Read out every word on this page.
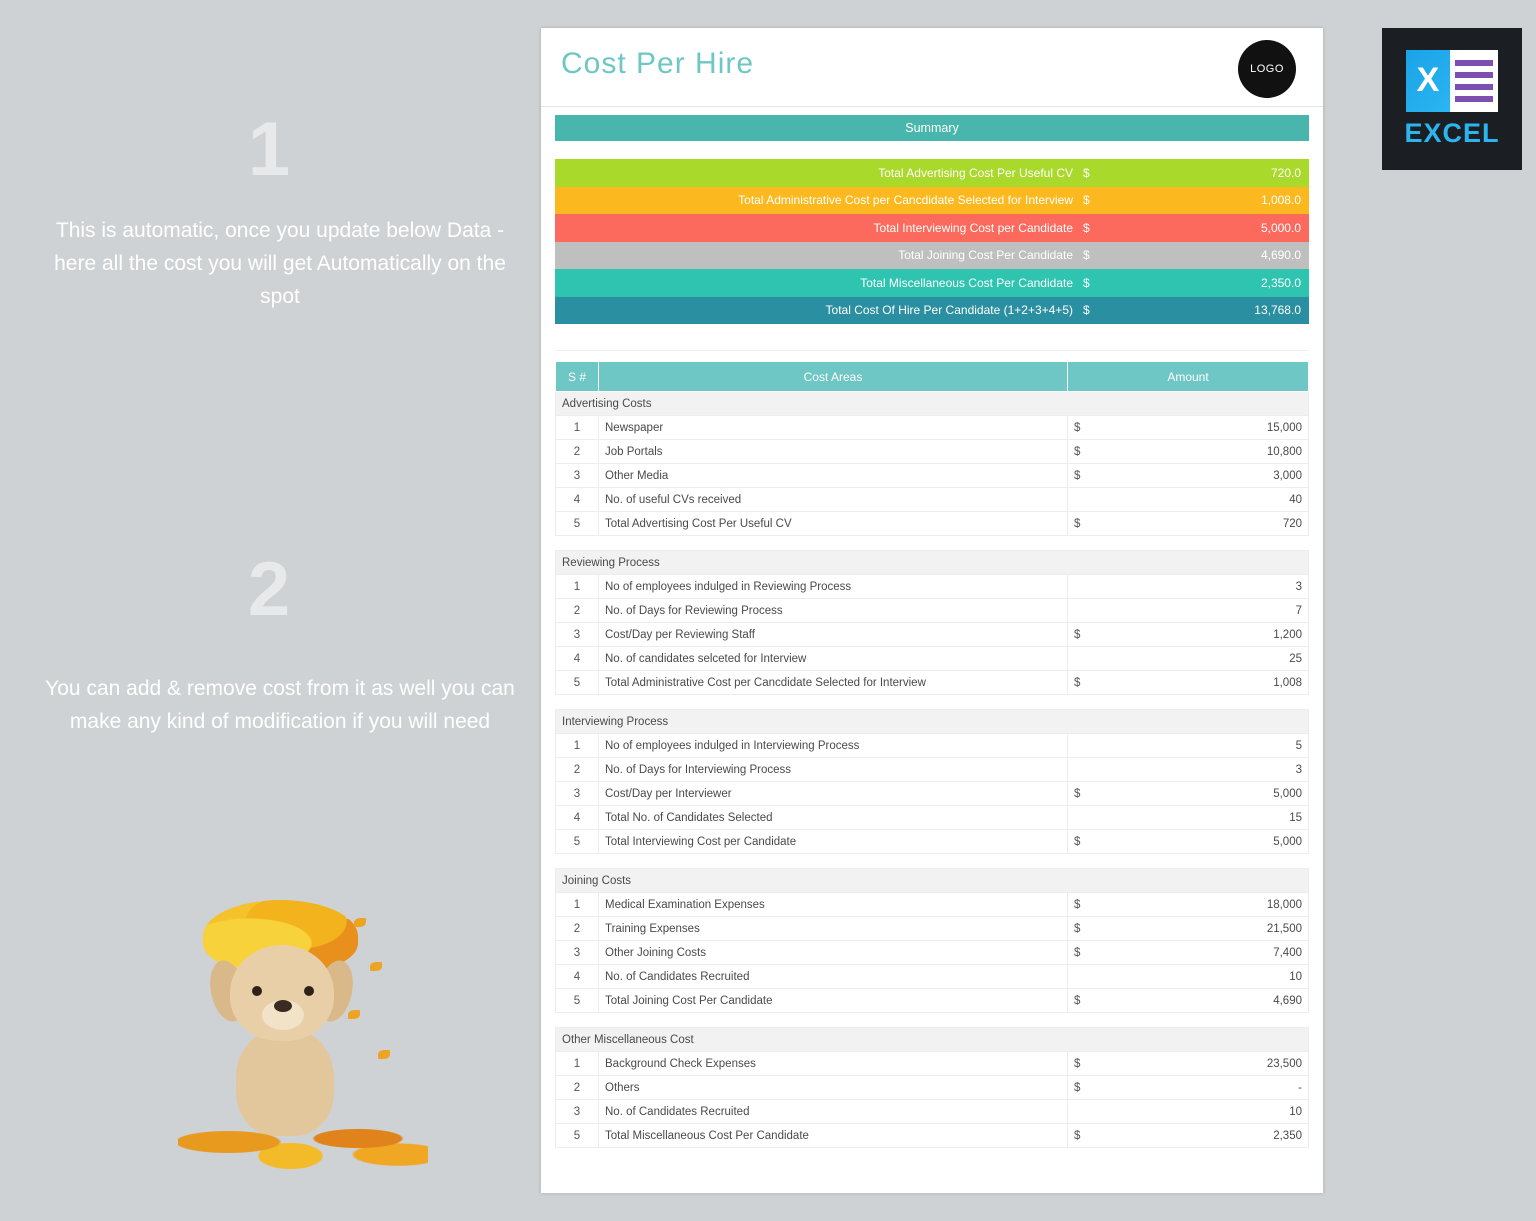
1
This is automatic, once you update below Data - here all the cost you will get Automatically on the spot
2
You can add & remove cost from it as well you can make any kind of modification if you will need
Cost Per Hire	LOGO
Summary
Total Advertising Cost Per Useful CV $	720.0
Total Administrative Cost per Cancdidate Selected for Interview $	1,008.0
Total Interviewing Cost per Candidate $	5,000.0
Total Joining Cost Per Candidate $	4,690.0
Total Miscellaneous Cost Per Candidate $	2,350.0
Total Cost Of Hire Per Candidate (1+2+3+4+5) $	13,768.0
S #	Cost Areas	Amount	
Advertising Costs			
1	Newspaper	$	15,000
2	Job Portals	$	10,800
3	Other Media	$	3,000
4	No. of useful CVs received		40
5	Total Advertising Cost Per Useful CV	$	720

Reviewing Process			
1	No of employees indulged in Reviewing Process		3
2	No. of Days for Reviewing Process		7
3	Cost/Day per Reviewing Staff	$	1,200
4	No. of candidates selceted for Interview		25
5	Total Administrative Cost per Cancdidate Selected for Interview	$	1,008

Interviewing Process			
1	No of employees indulged in Interviewing Process		5
2	No. of Days for Interviewing Process		3
3	Cost/Day per Interviewer	$	5,000
4	Total No. of Candidates Selected		15
5	Total Interviewing Cost per Candidate	$	5,000

Joining Costs			
1	Medical Examination Expenses	$	18,000
2	Training Expenses	$	21,500
3	Other Joining Costs	$	7,400
4	No. of Candidates Recruited		10
5	Total Joining Cost Per Candidate	$	4,690

Other Miscellaneous Cost			
1	Background Check Expenses	$	23,500
2	Others	$	-
3	No. of Candidates Recruited		10
5	Total Miscellaneous Cost Per Candidate	$	2,350
X
EXCEL
